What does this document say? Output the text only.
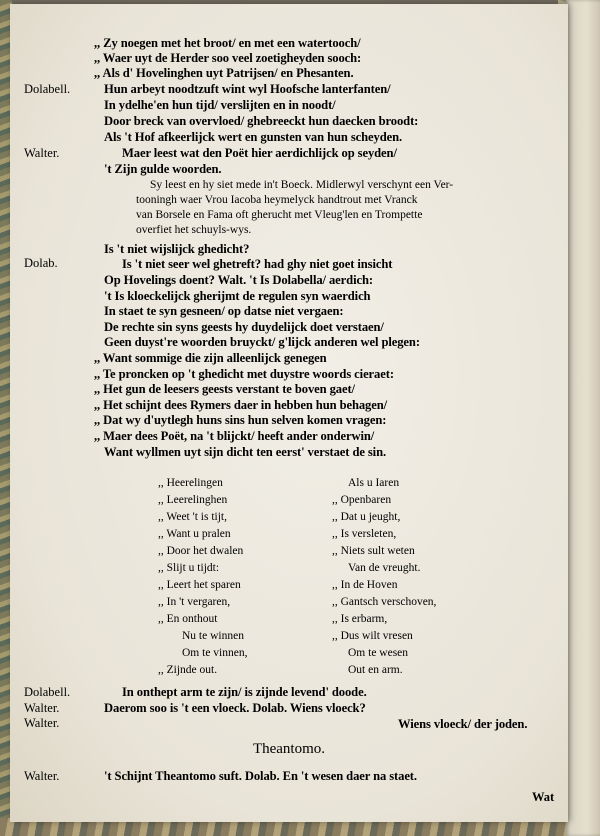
Dolabell.
Walter.
Dolab.
Dolabell.
Walter.
Walter.
Walter.
,, Zy noegen met het broot/ en met een watertooch/
,, Waer uyt de Herder soo veel zoetigheyden sooch:
,, Als d' Hovelinghen uyt Patrijsen/ en Phesanten.
Hun arbeyt noodtzuft wint wyl Hoofsche lanterfanten/
In ydelhe'en hun tijd/ verslijten en in noodt/
Door breck van overvloed/ ghebreeckt hun daecken broodt:
Als 't Hof afkeerlijck wert en gunsten van hun scheyden.
Maer leest wat den Poët hier aerdichlijck op seyden/
't Zijn gulde woorden.
Sy leest en hy siet mede in't Boeck. Midlerwyl verschynt een Ver-
tooningh waer Vrou Iacoba heymelyck handtrout met Vranck
van Borsele en Fama oft gherucht met Vleug'len en Trompette
overfiet het schuyls-wys.
Is 't niet wijslijck ghedicht?
Is 't niet seer wel ghetreft? had ghy niet goet insicht
Op Hovelings doent? Walt. 't Is Dolabella/ aerdich:
't Is kloeckelijck gherijmt de regulen syn waerdich
In staet te syn gesneen/ op datse niet vergaen:
De rechte sin syns geests hy duydelijck doet verstaen/
Geen duyst're woorden bruyckt/ g'lijck anderen wel plegen:
,, Want sommige die zijn alleenlijck genegen
,, Te proncken op 't ghedicht met duystre woords cieraet:
,, Het gun de leesers geests verstant te boven gaet/
,, Het schijnt dees Rymers daer in hebben hun behagen/
,, Dat wy d'uytlegh huns sins hun selven komen vragen:
,, Maer dees Poët, na 't blijckt/ heeft ander onderwin/
Want wyllmen uyt sijn dicht ten eerst' verstaet de sin.
,, Heerelingen
,, Leerelinghen
,, Weet 't is tijt,
,, Want u pralen
,, Door het dwalen
,, Slijt u tijdt:
,, Leert het sparen
,, In 't vergaren,
,, En onthout
Nu te winnen
Om te vinnen,
,, Zijnde out.
Als u Iaren
,, Openbaren
,, Dat u jeught,
,, Is versleten,
,, Niets sult weten
Van de vreught.
,, In de Hoven
,, Gantsch verschoven,
,, Is erbarm,
,, Dus wilt vresen
Om te wesen
Out en arm.
In onthept arm te zijn/ is zijnde levend' doode.
Daerom soo is 't een vloeck. Dolab. Wiens vloeck?
Wiens vloeck/ der joden.
Theantomo.
't Schijnt Theantomo suft. Dolab. En 't wesen daer na staet.
Wat
